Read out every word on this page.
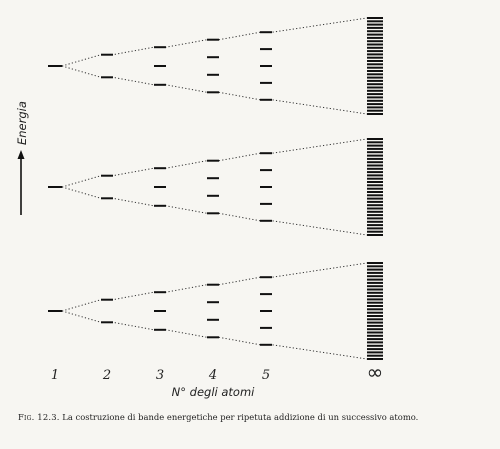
1	2	3	4	5	∞
N° degli atomi
Energia
Fig. 12.3. La costruzione di bande energetiche per ripetuta addizione di un successivo atomo.
